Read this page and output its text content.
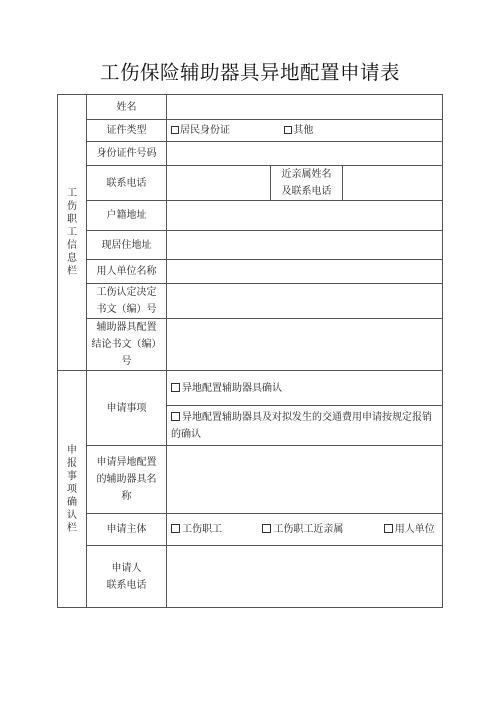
工伤保险辅助器具异地配置申请表
工伤职工信息栏	姓名			
	证件类型	居民身份证 其他		
	身份证件号码			
	联系电话		近亲属姓名
及联系电话	

	户籍地址			
	现居住地址			
	用人单位名称			

	工伤认定决定
书文（编）号			

	辅助器具配置
结论书文（编）
号			

申报事项确认栏	申请事项	异地配置辅助器具确认		
		异地配置辅助器具及对拟发生的交通费用申请按规定报销的确认		

	申请异地配置
的辅助器具名
称			

	申请主体	工伤职工 工伤职工近亲属 用人单位		

	申请人
联系电话			
